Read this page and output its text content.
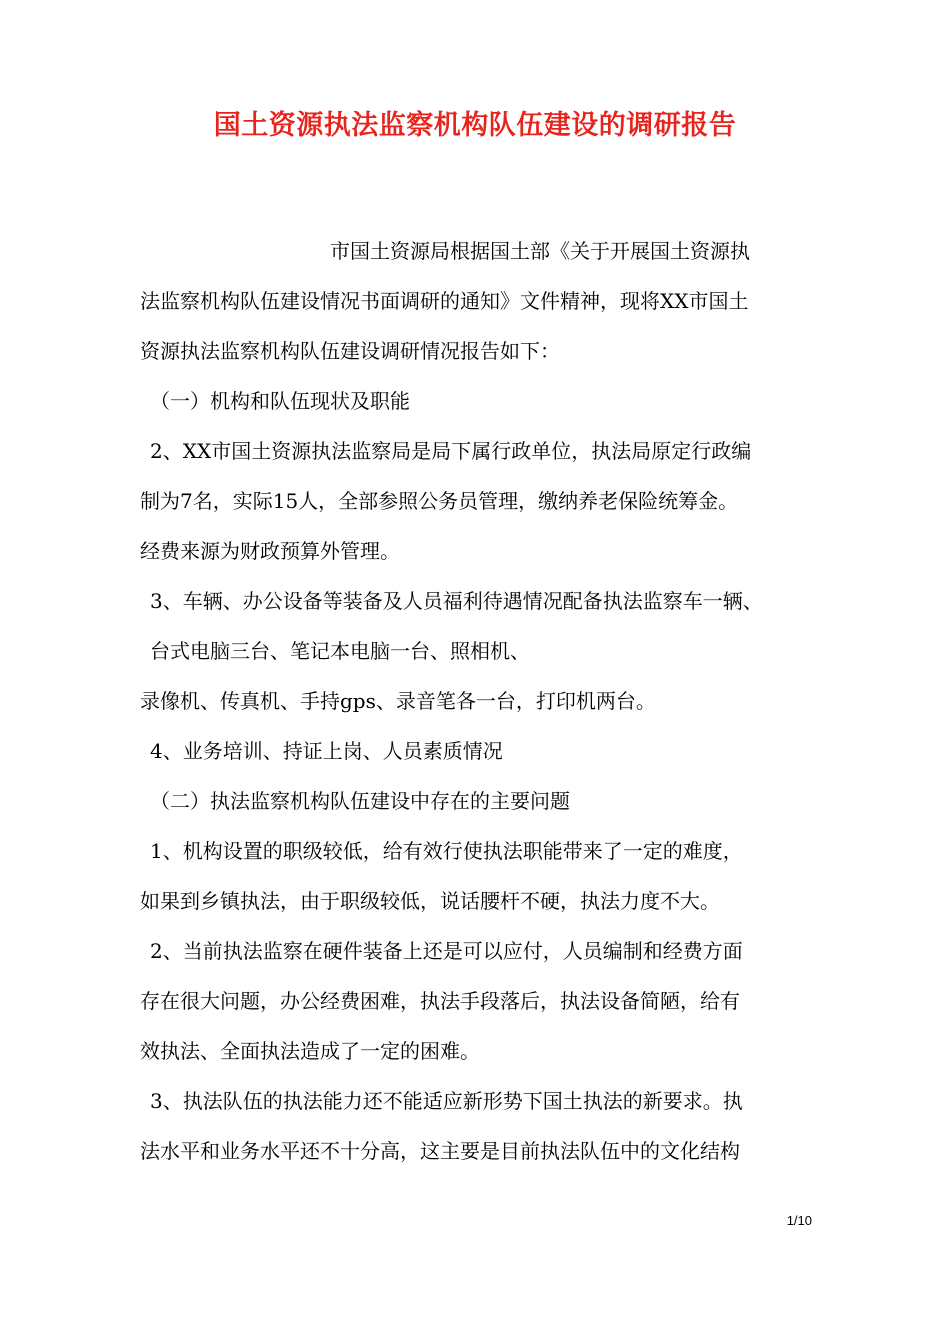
国土资源执法监察机构队伍建设的调研报告
市国土资源局根据国土部《关于开展国土资源执
法监察机构队伍建设情况书面调研的通知》文件精神，现将XX市国土
资源执法监察机构队伍建设调研情况报告如下：
（一）机构和队伍现状及职能
2、XX市国土资源执法监察局是局下属行政单位，执法局原定行政编
制为7名，实际15人，全部参照公务员管理，缴纳养老保险统筹金。
经费来源为财政预算外管理。
3、车辆、办公设备等装备及人员福利待遇情况配备执法监察车一辆、
台式电脑三台、笔记本电脑一台、照相机、
录像机、传真机、手持gps、录音笔各一台，打印机两台。
4、业务培训、持证上岗、人员素质情况
（二）执法监察机构队伍建设中存在的主要问题
1、机构设置的职级较低，给有效行使执法职能带来了一定的难度，
如果到乡镇执法，由于职级较低，说话腰杆不硬，执法力度不大。
2、当前执法监察在硬件装备上还是可以应付，人员编制和经费方面
存在很大问题，办公经费困难，执法手段落后，执法设备简陋，给有
效执法、全面执法造成了一定的困难。
3、执法队伍的执法能力还不能适应新形势下国土执法的新要求。执
法水平和业务水平还不十分高，这主要是目前执法队伍中的文化结构
1/10
